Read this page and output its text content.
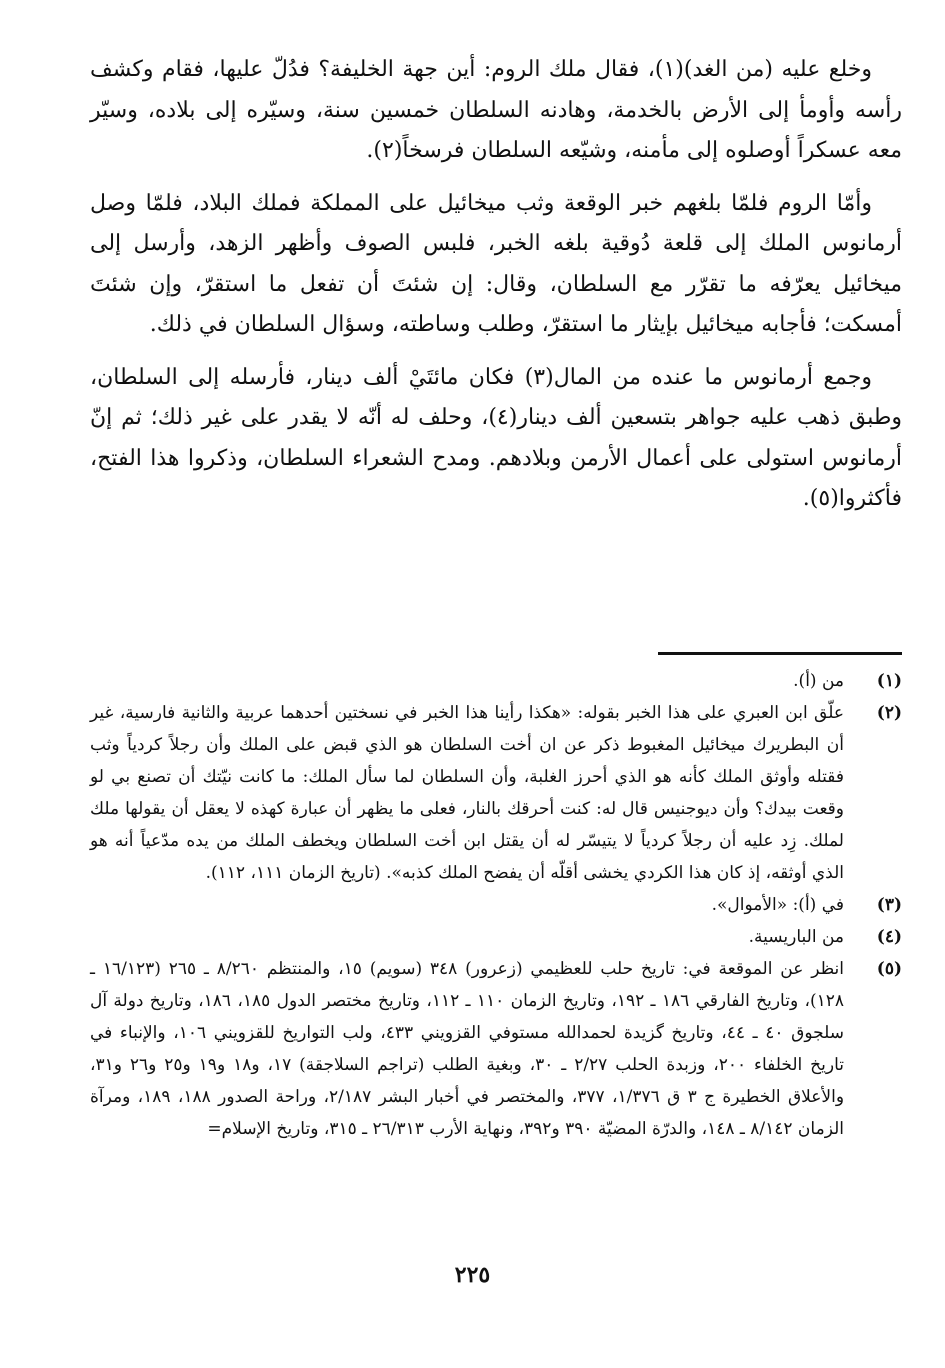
وخلع عليه (من الغد)(١)، فقال ملك الروم: أين جهة الخليفة؟ فدُلّ عليها، فقام وكشف رأسه وأومأ إلى الأرض بالخدمة، وهادنه السلطان خمسين سنة، وسيّره إلى بلاده، وسيّر معه عسكراً أوصلوه إلى مأمنه، وشيّعه السلطان فرسخاً(٢).

وأمّا الروم فلمّا بلغهم خبر الوقعة وثب ميخائيل على المملكة فملك البلاد، فلمّا وصل أرمانوس الملك إلى قلعة دُوقية بلغه الخبر، فلبس الصوف وأظهر الزهد، وأرسل إلى ميخائيل يعرّفه ما تقرّر مع السلطان، وقال: إن شئتَ أن تفعل ما استقرّ، وإن شئتَ أمسكت؛ فأجابه ميخائيل بإيثار ما استقرّ، وطلب وساطته، وسؤال السلطان في ذلك.

وجمع أرمانوس ما عنده من المال(٣) فكان مائتَيْ ألف دينار، فأرسله إلى السلطان، وطبق ذهب عليه جواهر بتسعين ألف دينار(٤)، وحلف له أنّه لا يقدر على غير ذلك؛ ثم إنّ أرمانوس استولى على أعمال الأرمن وبلادهم. ومدح الشعراء السلطان، وذكروا هذا الفتح، فأكثروا(٥).

(١)
من (أ).
(٢)
علّق ابن العبري على هذا الخبر بقوله: «هكذا رأينا هذا الخبر في نسختين أحدهما عربية والثانية فارسية، غير أن البطريرك ميخائيل المغبوط ذكر عن ان أخت السلطان هو الذي قبض على الملك وأن رجلاً كردياً وثب فقتله وأوثق الملك كأنه هو الذي أحرز الغلبة، وأن السلطان لما سأل الملك: ما كانت نيّتك أن تصنع بي لو وقعت بيدك؟ وأن ديوجنيس قال له: كنت أحرقك بالنار، فعلى ما يظهر أن عبارة كهذه لا يعقل أن يقولها ملك لملك. زِد عليه أن رجلاً كردياً لا يتيسّر له أن يقتل ابن أخت السلطان ويخطف الملك من يده مدّعياً أنه هو الذي أوثقه، إذ كان هذا الكردي يخشى أقلّه أن يفضح الملك كذبه». (تاريخ الزمان ١١١، ١١٢).
(٣)
في (أ): «الأموال».
(٤)
من الباريسية.
(٥)
انظر عن الموقعة في: تاريخ حلب للعظيمي (زعرور) ٣٤٨ (سويم) ١٥، والمنتظم ٨/٢٦٠ ـ ٢٦٥ (١٦/١٢٣ ـ ١٢٨)، وتاريخ الفارقي ١٨٦ ـ ١٩٢، وتاريخ الزمان ١١٠ ـ ١١٢، وتاريخ مختصر الدول ١٨٥، ١٨٦، وتاريخ دولة آل سلجوق ٤٠ ـ ٤٤، وتاريخ گزيدة لحمدالله مستوفي القزويني ٤٣٣، ولب التواريخ للقزويني ١٠٦، والإنباء في تاريخ الخلفاء ٢٠٠، وزبدة الحلب ٢/٢٧ ـ ٣٠، وبغية الطلب (تراجم السلاجقة) ١٧، و١٨ و١٩ و٢٥ و٢٦ و٣١، والأعلاق الخطيرة ج ٣ ق ١/٣٧٦، ٣٧٧، والمختصر في أخبار البشر ٢/١٨٧، وراحة الصدور ١٨٨، ١٨٩، ومرآة الزمان ٨/١٤٢ ـ ١٤٨، والدرّة المضيّة ٣٩٠ و٣٩٢، ونهاية الأرب ٢٦/٣١٣ ـ ٣١٥، وتاريخ الإسلام=
٢٢٥
